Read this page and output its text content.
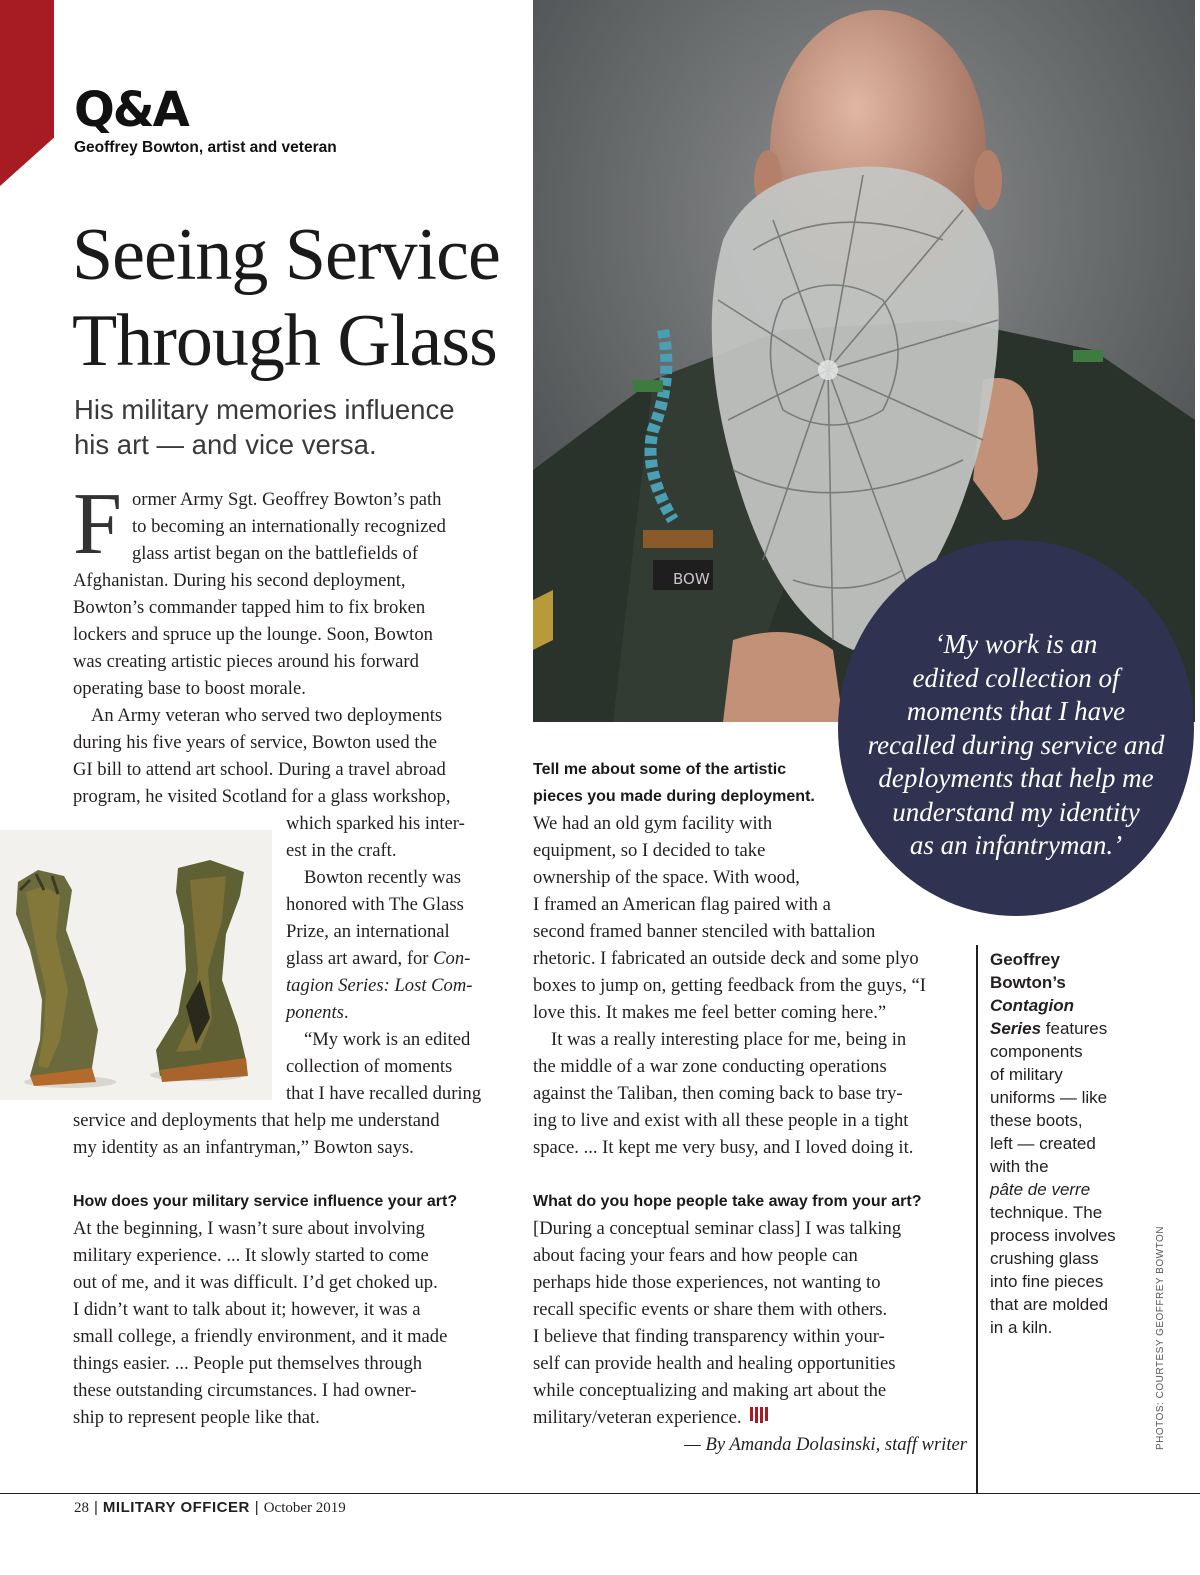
Q&A
Geoffrey Bowton, artist and veteran
Seeing Service
Through Glass
His military memories influence
his art — and vice versa.
F ormer Army Sgt. Geoffrey Bowton’s path
to becoming an internationally recognized
glass artist began on the battlefields of
Afghanistan. During his second deployment,
Bowton’s commander tapped him to fix broken
lockers and spruce up the lounge. Soon, Bowton
was creating artistic pieces around his forward
operating base to boost morale.
An Army veteran who served two deployments
during his five years of service, Bowton used the
GI bill to attend art school. During a travel abroad
program, he visited Scotland for a glass workshop,
which sparked his inter-
est in the craft.
Bowton recently was
honored with The Glass
Prize, an international
glass art award, for Con-
tagion Series: Lost Com-
ponents.
“My work is an edited
collection of moments
that I have recalled during
service and deployments that help me understand
my identity as an infantryman,” Bowton says.
How does your military service influence your art?
At the beginning, I wasn’t sure about involving
military experience. ... It slowly started to come
out of me, and it was difficult. I’d get choked up.
I didn’t want to talk about it; however, it was a
small college, a friendly environment, and it made
things easier. ... People put themselves through
these outstanding circumstances. I had owner-
ship to represent people like that.
BOW
‘My work is an
edited collection of
moments that I have
recalled during service and
deployments that help me
understand my identity
as an infantryman.’
Tell me about some of the artistic
pieces you made during deployment.
We had an old gym facility with
equipment, so I decided to take
ownership of the space. With wood,
I framed an American flag paired with a
second framed banner stenciled with battalion
rhetoric. I fabricated an outside deck and some plyo
boxes to jump on, getting feedback from the guys, “I
love this. It makes me feel better coming here.”
It was a really interesting place for me, being in
the middle of a war zone conducting operations
against the Taliban, then coming back to base try-
ing to live and exist with all these people in a tight
space. ... It kept me very busy, and I loved doing it.
What do you hope people take away from your art?
[During a conceptual seminar class] I was talking
about facing your fears and how people can
perhaps hide those experiences, not wanting to
recall specific events or share them with others.
I believe that finding transparency within your-
self can provide health and healing opportunities
while conceptualizing and making art about the
military/veteran experience.
— By Amanda Dolasinski, staff writer
Geoffrey
Bowton’s
Contagion
Series features
components
of military
uniforms — like
these boots,
left — created
with the
pâte de verre
technique. The
process involves
crushing glass
into fine pieces
that are molded
in a kiln.	PHOTOS: COURTESY GEOFFREY BOWTON
28 | MILITARY OFFICER | October 2019
